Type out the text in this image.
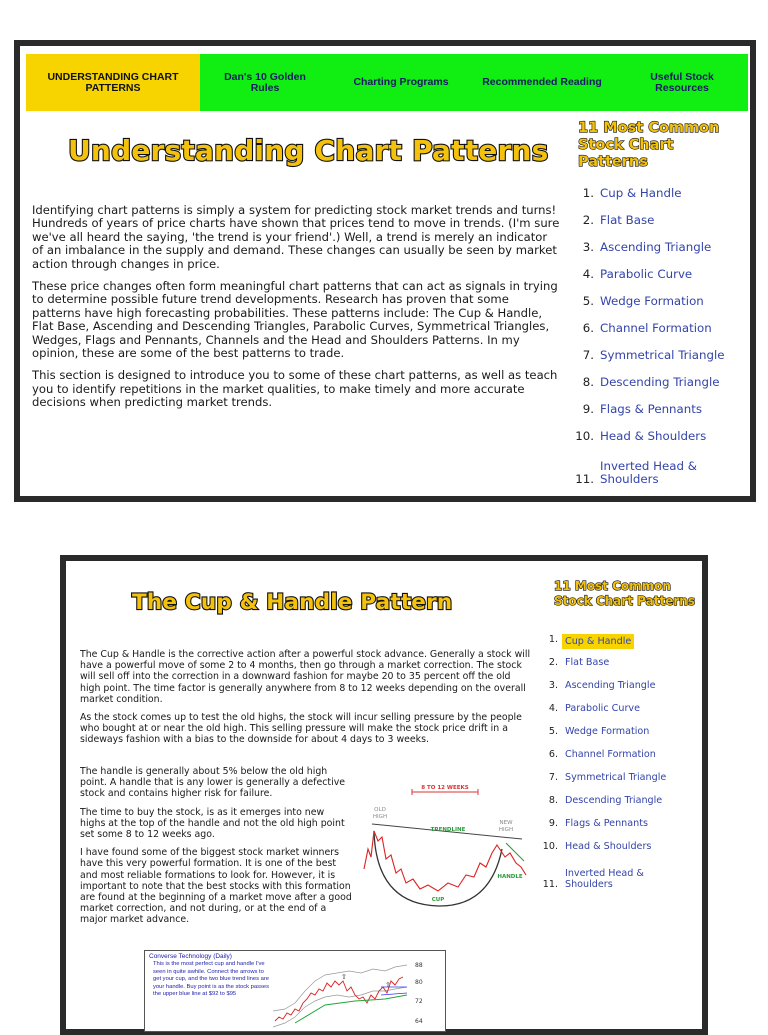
UNDERSTANDING CHART PATTERNS
Dan's 10 Golden Rules	Charting Programs	Recommended Reading	Useful Stock Resources
Understanding Chart Patterns

Identifying chart patterns is simply a system for predicting stock market trends and turns! Hundreds of years of price charts have shown that prices tend to move in trends. (I'm sure we've all heard the saying, 'the trend is your friend'.) Well, a trend is merely an indicator of an imbalance in the supply and demand. These changes can usually be seen by market action through changes in price.

These price changes often form meaningful chart patterns that can act as signals in trying to determine possible future trend developments. Research has proven that some patterns have high forecasting probabilities. These patterns include: The Cup & Handle, Flat Base, Ascending and Descending Triangles, Parabolic Curves, Symmetrical Triangles, Wedges, Flags and Pennants, Channels and the Head and Shoulders Patterns. In my opinion, these are some of the best patterns to trade.

This section is designed to introduce you to some of these chart patterns, as well as teach you to identify repetitions in the market qualities, to make timely and more accurate decisions when predicting market trends.

11 Most Common Stock Chart Patterns
1. Cup & Handle
2. Flat Base
3. Ascending Triangle
4. Parabolic Curve
5. Wedge Formation
6. Channel Formation
7. Symmetrical Triangle
8. Descending Triangle
9. Flags & Pennants
10. Head & Shoulders
11.
Inverted Head & Shoulders
The Cup & Handle Pattern

The Cup & Handle is the corrective action after a powerful stock advance. Generally a stock will have a powerful move of some 2 to 4 months, then go through a market correction. The stock will sell off into the correction in a downward fashion for maybe 20 to 35 percent off the old high point. The time factor is generally anywhere from 8 to 12 weeks depending on the overall market condition.

As the stock comes up to test the old highs, the stock will incur selling pressure by the people who bought at or near the old high. This selling pressure will make the stock price drift in a sideways fashion with a bias to the downside for about 4 days to 3 weeks.

The handle is generally about 5% below the old high point. A handle that is any lower is generally a defective stock and contains higher risk for failure.

The time to buy the stock, is as it emerges into new highs at the top of the handle and not the old high point set some 8 to 12 weeks ago.

I have found some of the biggest stock market winners have this very powerful formation. It is one of the best and most reliable formations to look for. However, it is important to note that the best stocks with this formation are found at the beginning of a market move after a good market correction, and not during, or at the end of a major market advance.

8 TO 12 WEEKS
OLD
HIGH
NEW
HIGH
TRENDLINE
CUP
HANDLE
Converse Technology (Daily)
This is the most perfect cup and handle I've seen in quite awhile. Connect the arrows to get your cup, and the two blue trend lines are your handle. Buy point is as the stock passes the upper blue line at $92 to $95
⇧
⇧
88
80
72
64
11 Most Common Stock Chart Patterns
1. Cup & Handle
2. Flat Base
3. Ascending Triangle
4. Parabolic Curve
5. Wedge Formation
6. Channel Formation
7. Symmetrical Triangle
8. Descending Triangle
9. Flags & Pennants
10. Head & Shoulders
11.
Inverted Head & Shoulders
